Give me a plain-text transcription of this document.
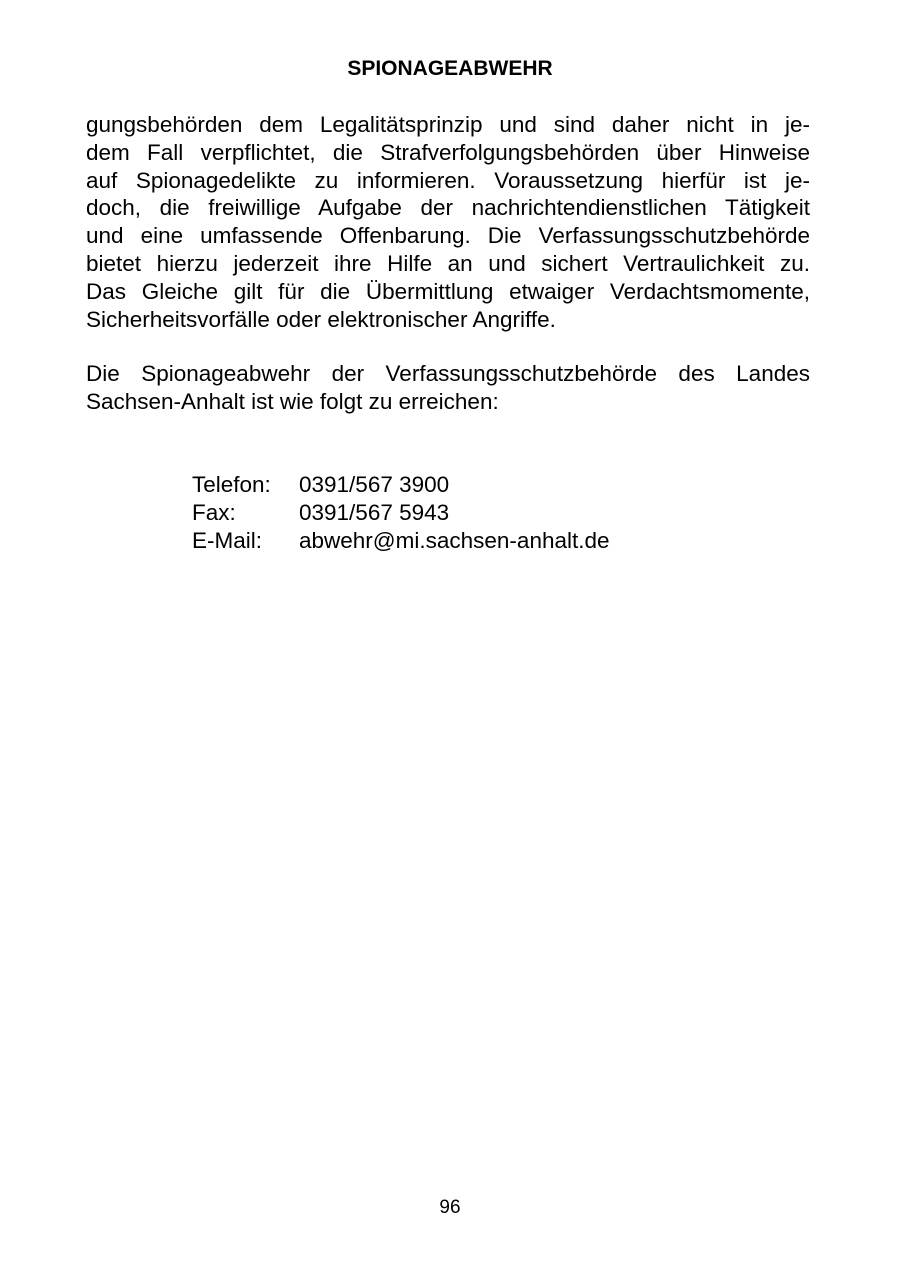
SPIONAGEABWEHR
gungsbehörden dem Legalitätsprinzip und sind daher nicht in je-
dem Fall verpflichtet, die Strafverfolgungsbehörden über Hinweise
auf Spionagedelikte zu informieren. Voraussetzung hierfür ist je-
doch, die freiwillige Aufgabe der nachrichtendienstlichen Tätigkeit
und eine umfassende Offenbarung. Die Verfassungsschutzbehörde
bietet hierzu jederzeit ihre Hilfe an und sichert Vertraulichkeit zu.
Das Gleiche gilt für die Übermittlung etwaiger Verdachtsmomente,
Sicherheitsvorfälle oder elektronischer Angriffe.
Die Spionageabwehr der Verfassungsschutzbehörde des Landes
Sachsen-Anhalt ist wie folgt zu erreichen:
Telefon:	0391/567 3900
Fax:	0391/567 5943
E-Mail:	abwehr@mi.sachsen-anhalt.de
96
